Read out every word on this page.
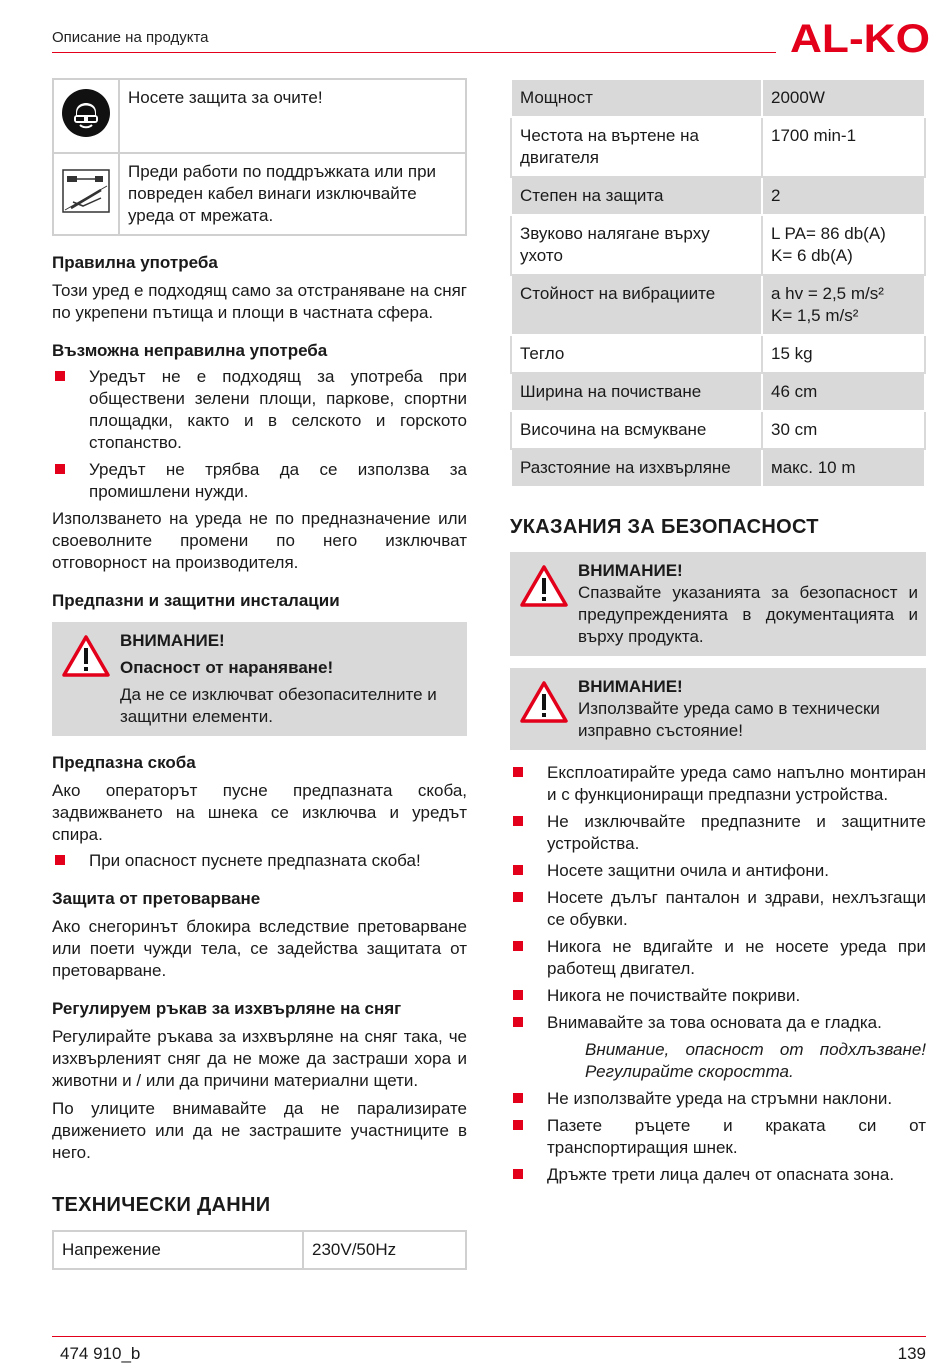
Описание на продукта	AL-KO
	Носете защита за очите!
	Преди работи по поддръжката или при повреден кабел винаги изключвайте уреда от мрежата.
Правилна употреба

Този уред е подходящ само за отстраняване на сняг по укрепени пътища и площи в частната сфера.

Възможна неправилна употреба
Уредът не е подходящ за употреба при обществени зелени площи, паркове, спортни площадки, както и в селското и горското стопанство.
Уредът не трябва да се използва за промишлени нужди.

Използването на уреда не по предназначение или своеволните промени по него изключват отговорност на производителя.

Предпазни и защитни инсталации
ВНИМАНИЕ!
Опасност от нараняване!
Да не се изключват обезопасителните и защитни елементи.
Предпазна скоба

Ако операторът пусне предпазната скоба, задвижването на шнека се изключва и уредът спира.

При опасност пуснете предпазната скоба!
Защита от претоварване

Ако снегоринът блокира вследствие претоварване или поети чужди тела, се задейства защитата от претоварване.

Регулируем ръкав за изхвърляне на сняг

Регулирайте ръкава за изхвърляне на сняг така, че изхвърленият сняг да не може да застраши хора и животни и / или да причини материални щети.

По улиците внимавайте да не парализирате движението или да не застрашите участниците в него.

ТЕХНИЧЕСКИ ДАННИ
Напрежение	230V/50Hz
Мощност	2000W
Честота на въртене на двигателя	1700 min-1
Степен на защита	2
Звуково налягане върху ухото	L PA= 86 db(A)
K= 6 db(A)
Стойност на вибрациите	a hv = 2,5 m/s²
K= 1,5 m/s²
Тегло	15 kg
Ширина на почистване	46 cm
Височина на всмукване	30 cm
Разстояние на изхвърляне	макс. 10 m
УКАЗАНИЯ ЗА БЕЗОПАСНОСТ
ВНИМАНИЕ!
Спазвайте указанията за безопасност и предупрежденията в документацията и върху продукта.
ВНИМАНИЕ!
Използвайте уреда само в технически изправно състояние!
Експлоатирайте уреда само напълно монтиран и с функциониращи предпазни устройства.
Не изключвайте предпазните и защитните устройства.
Носете защитни очила и антифони.
Носете дълъг панталон и здрави, нехлъзгащи се обувки.
Никога не вдигайте и не носете уреда при работещ двигател.
Никога не почиствайте покриви.
Внимавайте за това основата да е гладка.
Внимание, опасност от подхлъзване! Регулирайте скоростта.
Не използвайте уреда на стръмни наклони.
Пазете ръцете и краката си от транспортиращия шнек.
Дръжте трети лица далеч от опасната зона.
474 910_b	139
